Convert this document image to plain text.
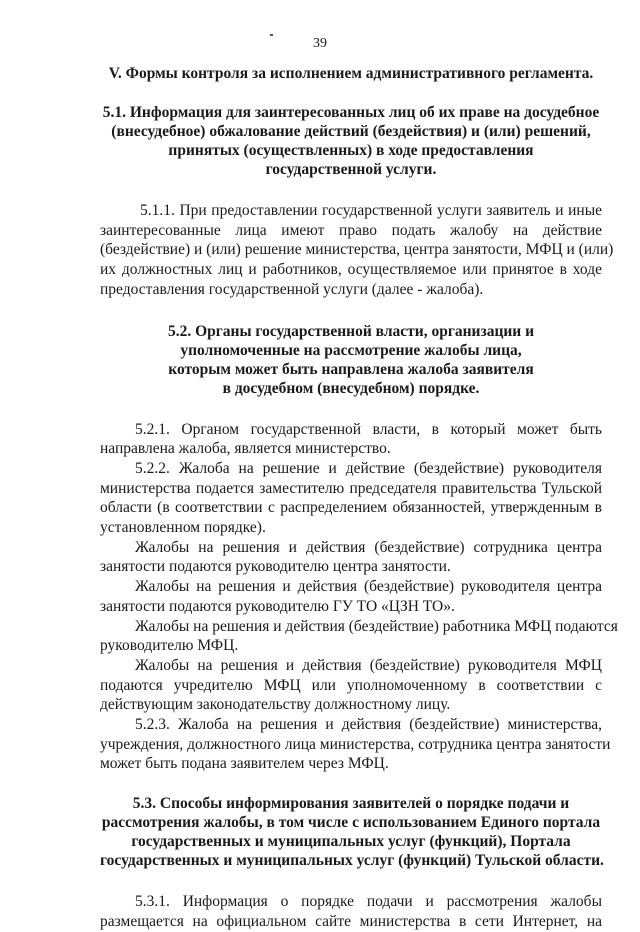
39
V. Формы контроля за исполнением административного регламента.
5.1. Информация для заинтересованных лиц об их праве на досудебное
(внесудебное) обжалование действий (бездействия) и (или) решений,
принятых (осуществленных) в ходе предоставления
государственной услуги.
5.1.1. При предоставлении государственной услуги заявитель и иные
заинтересованные лица имеют право подать жалобу на действие
(бездействие) и (или) решение министерства, центра занятости, МФЦ и (или)
их должностных лиц и работников, осуществляемое или принятое в ходе
предоставления государственной услуги (далее - жалоба).
5.2. Органы государственной власти, организации и
уполномоченные на рассмотрение жалобы лица,
которым может быть направлена жалоба заявителя
в досудебном (внесудебном) порядке.
5.2.1. Органом государственной власти, в который может быть
направлена жалоба, является министерство.
5.2.2. Жалоба на решение и действие (бездействие) руководителя
министерства подается заместителю председателя правительства Тульской
области (в соответствии с распределением обязанностей, утвержденным в
установленном порядке).
Жалобы на решения и действия (бездействие) сотрудника центра
занятости подаются руководителю центра занятости.
Жалобы на решения и действия (бездействие) руководителя центра
занятости подаются руководителю ГУ ТО «ЦЗН ТО».
Жалобы на решения и действия (бездействие) работника МФЦ подаются
руководителю МФЦ.
Жалобы на решения и действия (бездействие) руководителя МФЦ
подаются учредителю МФЦ или уполномоченному в соответствии с
действующим законодательству должностному лицу.
5.2.3. Жалоба на решения и действия (бездействие) министерства,
учреждения, должностного лица министерства, сотрудника центра занятости
может быть подана заявителем через МФЦ.
5.3. Способы информирования заявителей о порядке подачи и
рассмотрения жалобы, в том числе с использованием Единого портала
государственных и муниципальных услуг (функций), Портала
государственных и муниципальных услуг (функций) Тульской области.
5.3.1. Информация о порядке подачи и рассмотрения жалобы
размещается на официальном сайте министерства в сети Интернет, на
